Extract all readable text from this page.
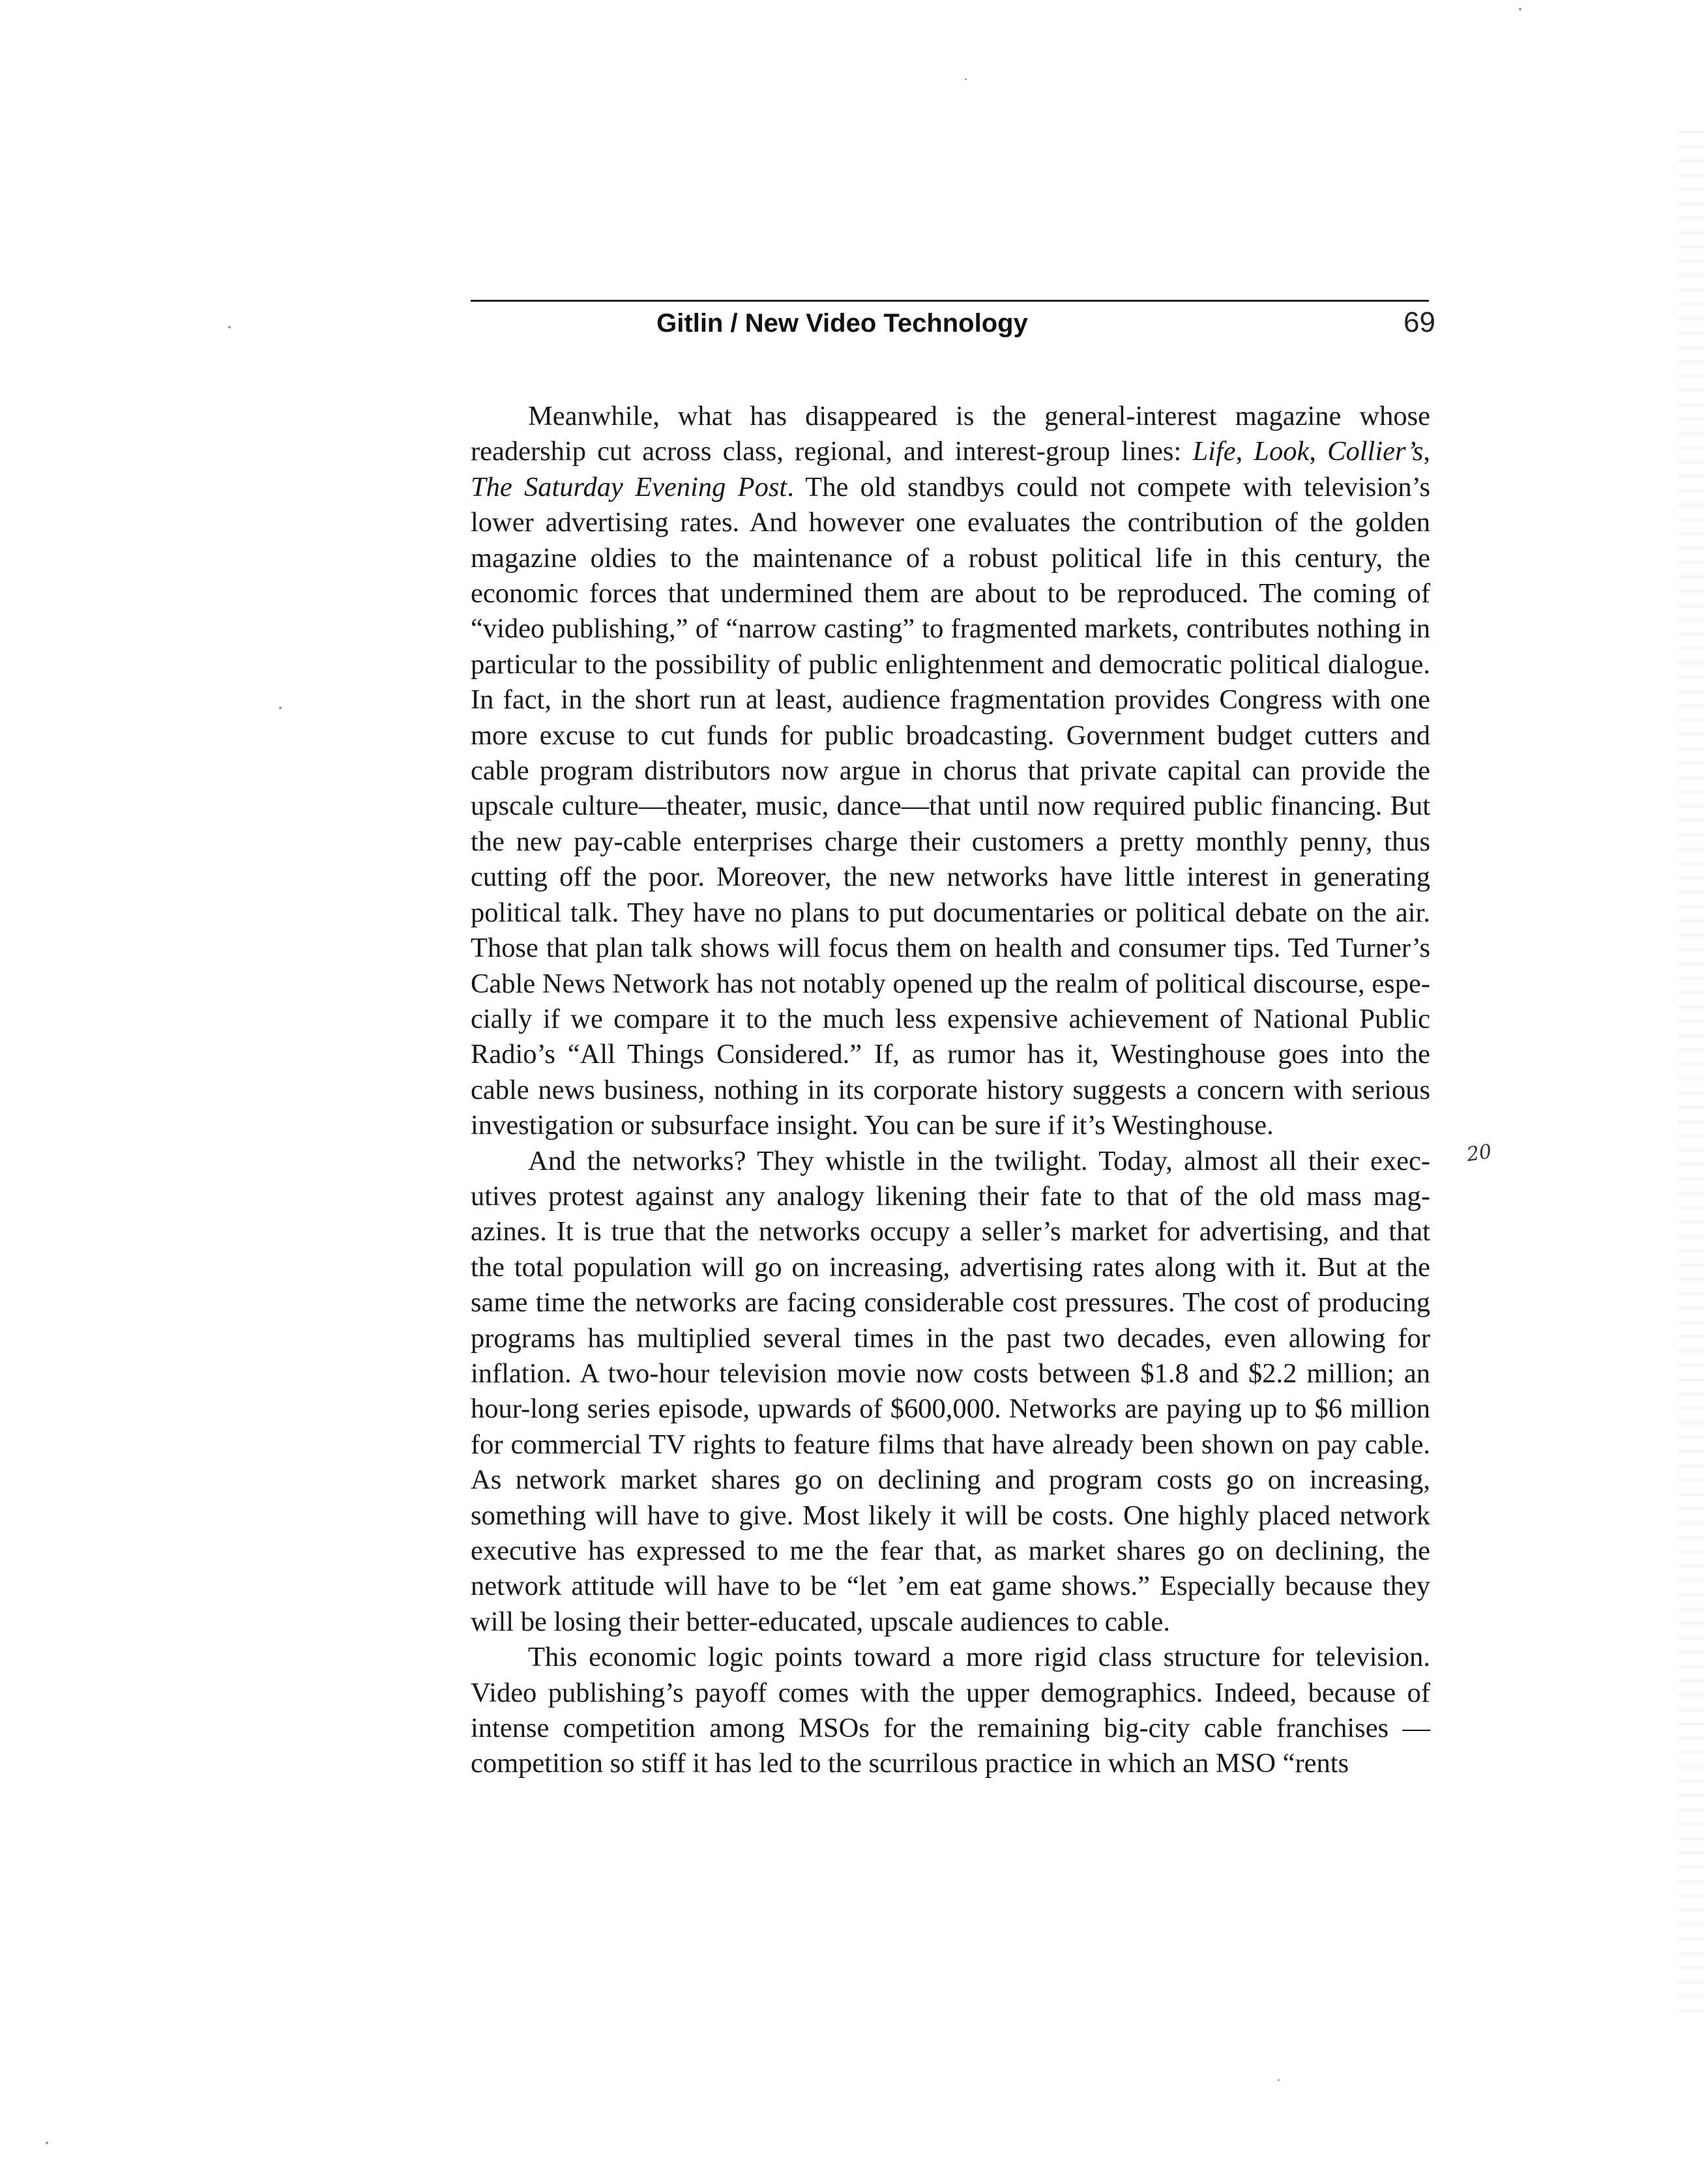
Gitlin / New Video Technology	69

Meanwhile, what has disappeared is the general-interest magazine whose readership cut across class, regional, and interest-group lines: Life, Look, Collier’s, The Saturday Evening Post. The old standbys could not compete with television’s lower advertising rates. And however one evaluates the contribution of the golden magazine oldies to the maintenance of a robust political life in this century, the economic forces that undermined them are about to be reproduced. The coming of “video publishing,” of “narrow casting” to fragmented markets, contributes nothing in particular to the possibility of public enlightenment and democratic political dialogue. In fact, in the short run at least, audience fragmentation provides Congress with one more excuse to cut funds for public broadcasting. Government budget cutters and cable program distributors now argue in chorus that private capital can provide the upscale culture—theater, music, dance—that until now required public financing. But the new pay-cable enterprises charge their customers a pretty monthly penny, thus cutting off the poor. Moreover, the new networks have little interest in generating political talk. They have no plans to put documentaries or political debate on the air. Those that plan talk shows will focus them on health and consumer tips. Ted Turner’s Cable News Network has not notably opened up the realm of political discourse, especially if we compare it to the much less expensive achievement of National Public Radio’s “All Things Considered.” If, as rumor has it, Westinghouse goes into the cable news business, nothing in its corporate history suggests a concern with serious investigation or subsurface insight. You can be sure if it’s Westinghouse.

And the networks? They whistle in the twilight. Today, almost all their executives protest against any analogy likening their fate to that of the old mass magazines. It is true that the networks occupy a seller’s market for advertising, and that the total population will go on increasing, advertising rates along with it. But at the same time the networks are facing considerable cost pressures. The cost of producing programs has multiplied several times in the past two decades, even allowing for inflation. A two-hour television movie now costs between $1.8 and $2.2 million; an hour-long series episode, upwards of $600,000. Networks are paying up to $6 million for commercial TV rights to feature films that have already been shown on pay cable. As network market shares go on declining and program costs go on increasing, something will have to give. Most likely it will be costs. One highly placed network executive has expressed to me the fear that, as market shares go on declining, the network attitude will have to be “let ’em eat game shows.” Especially because they will be losing their better-educated, upscale audiences to cable.

This economic logic points toward a more rigid class structure for television. Video publishing’s payoff comes with the upper demographics. Indeed, because of intense competition among MSOs for the remaining big-city cable franchises —competition so stiff it has led to the scurrilous practice in which an MSO “rents

20
